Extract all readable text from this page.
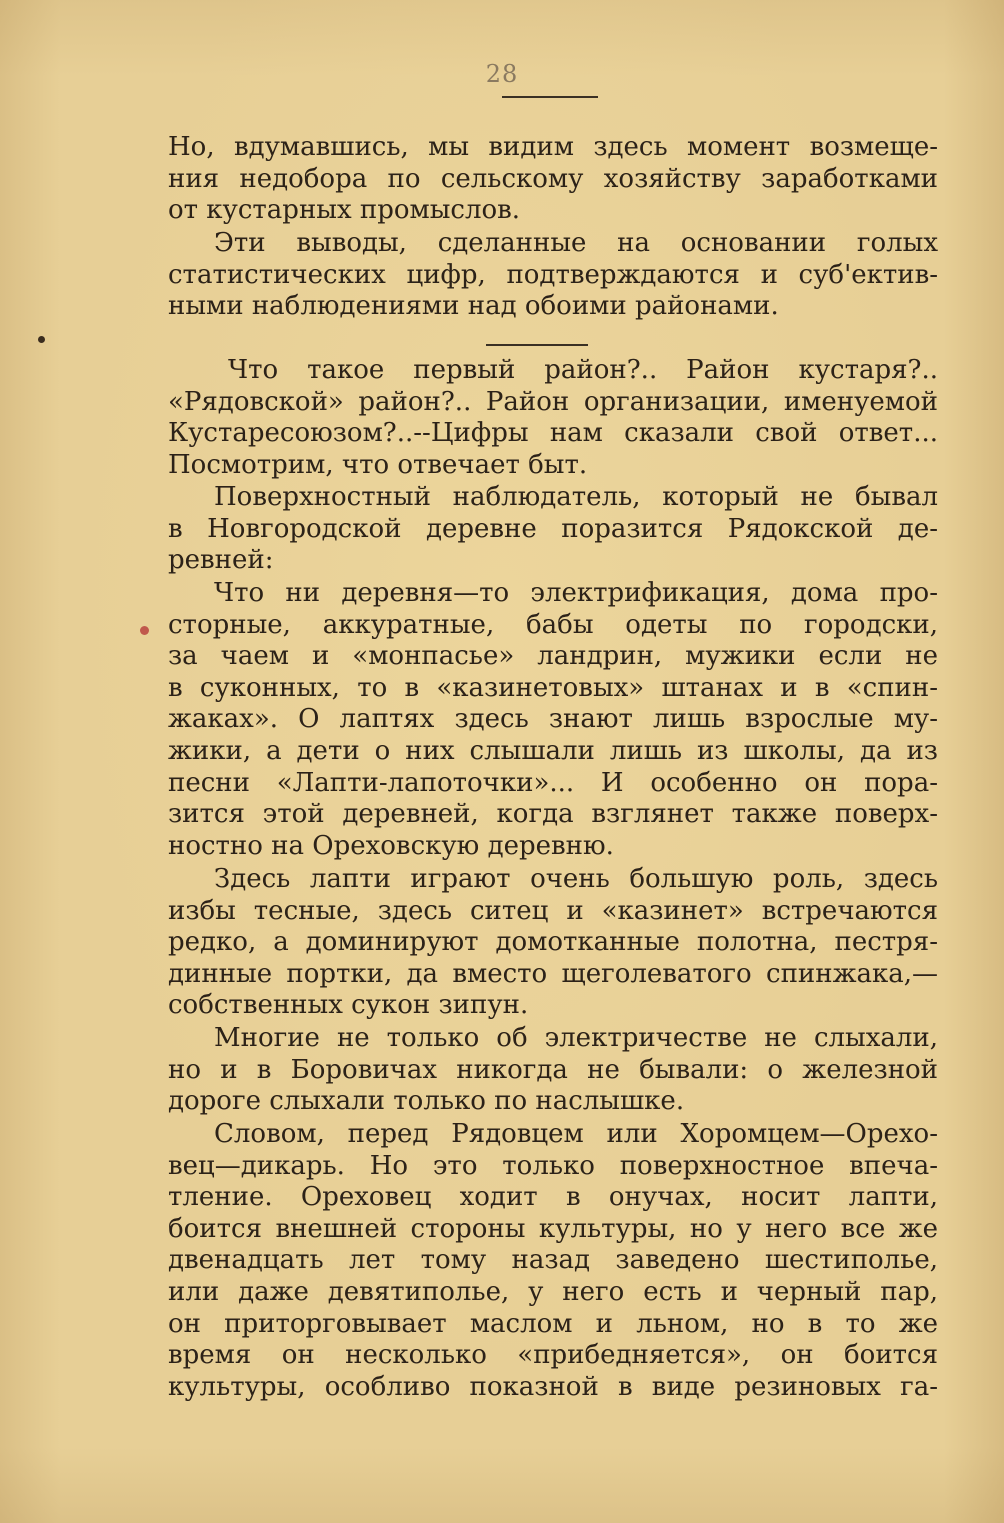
28
Но, вдумавшись, мы видим здесь момент возмеще-
ния недобора по сельскому хозяйству заработками
от кустарных промыслов.
Эти выводы, сделанные на основании голых
статистических цифр, подтверждаются и суб'ектив-
ными наблюдениями над обоими районами.
Что такое первый район?.. Район кустаря?..
«Рядовской» район?.. Район организации, именуемой
Кустаресоюзом?..--Цифры нам сказали свой ответ...
Посмотрим, что отвечает быт.
Поверхностный наблюдатель, который не бывал
в Новгородской деревне поразится Рядокской де-
ревней:
Что ни деревня—то электрификация, дома про-
сторные, аккуратные, бабы одеты по городски,
за чаем и «монпасье» ландрин, мужики если не
в суконных, то в «казинетовых» штанах и в «спин-
жаках». О лаптях здесь знают лишь взрослые му-
жики, а дети о них слышали лишь из школы, да из
песни «Лапти-лапоточки»... И особенно он пора-
зится этой деревней, когда взглянет также поверх-
ностно на Ореховскую деревню.
Здесь лапти играют очень большую роль, здесь
избы тесные, здесь ситец и «казинет» встречаются
редко, а доминируют домотканные полотна, пестря-
динные портки, да вместо щеголеватого спинжака,—
собственных сукон зипун.
Многие не только об электричестве не слыхали,
но и в Боровичах никогда не бывали: о железной
дороге слыхали только по наслышке.
Словом, перед Рядовцем или Хоромцем—Орехо-
вец—дикарь. Но это только поверхностное впеча-
тление. Ореховец ходит в онучах, носит лапти,
боится внешней стороны культуры, но у него все же
двенадцать лет тому назад заведено шестиполье,
или даже девятиполье, у него есть и черный пар,
он приторговывает маслом и льном, но в то же
время он несколько «прибедняется», он боится
культуры, особливо показной в виде резиновых га-
